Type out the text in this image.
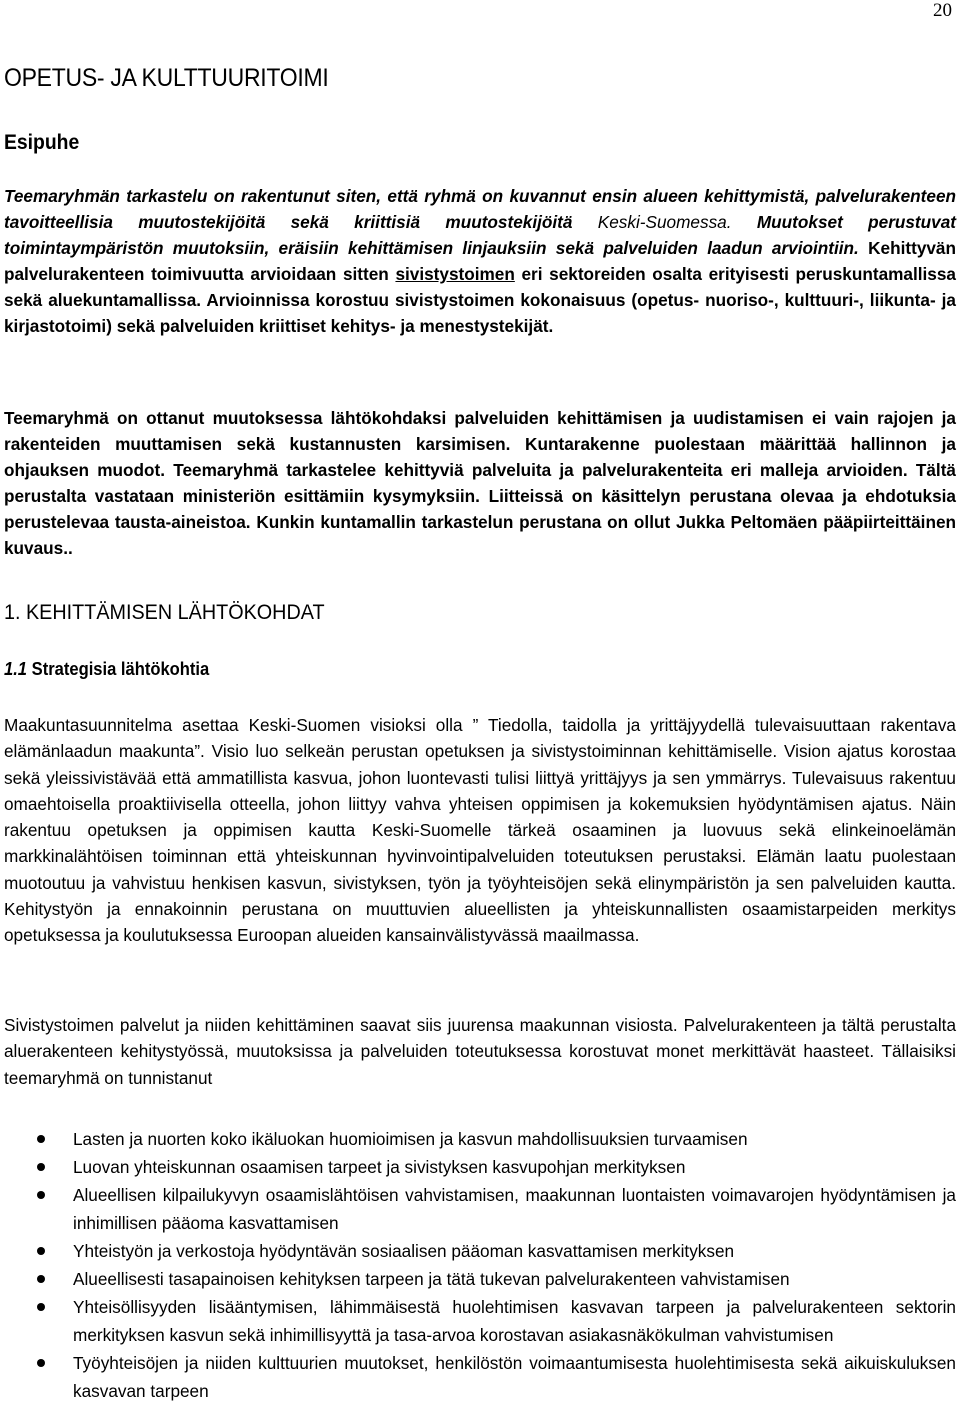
20
OPETUS- JA KULTTUURITOIMI
Esipuhe

Teemaryhmän tarkastelu on rakentunut siten, että ryhmä on kuvannut ensin alueen kehittymistä, palvelurakenteen tavoitteellisia muutostekijöitä sekä kriittisiä muutostekijöitä Keski-Suomessa. Muutokset perustuvat toimintaympäristön muutoksiin, eräisiin kehittämisen linjauksiin sekä palveluiden laadun arviointiin. Kehittyvän palvelurakenteen toimivuutta arvioidaan sitten sivistystoimen eri sektoreiden osalta erityisesti peruskuntamallissa sekä aluekuntamallissa. Arvioinnissa korostuu sivistystoimen kokonaisuus (opetus- nuoriso-, kulttuuri-, liikunta- ja kirjastotoimi) sekä palveluiden kriittiset kehitys- ja menestystekijät.

Teemaryhmä on ottanut muutoksessa lähtökohdaksi palveluiden kehittämisen ja uudistamisen ei vain rajojen ja rakenteiden muuttamisen sekä kustannusten karsimisen. Kuntarakenne puolestaan määrittää hallinnon ja ohjauksen muodot. Teemaryhmä tarkastelee kehittyviä palveluita ja palvelurakenteita eri malleja arvioiden. Tältä perustalta vastataan ministeriön esittämiin kysymyksiin. Liitteissä on käsittelyn perustana olevaa ja ehdotuksia perustelevaa tausta-aineistoa. Kunkin kuntamallin tarkastelun perustana on ollut Jukka Peltomäen pääpiirteittäinen kuvaus..

1. KEHITTÄMISEN LÄHTÖKOHDAT
1.1 Strategisia lähtökohtia

Maakuntasuunnitelma asettaa Keski-Suomen visioksi olla ” Tiedolla, taidolla ja yrittäjyydellä tulevaisuuttaan rakentava elämänlaadun maakunta”. Visio luo selkeän perustan opetuksen ja sivistystoiminnan kehittämiselle. Vision ajatus korostaa sekä yleissivistävää että ammatillista kasvua, johon luontevasti tulisi liittyä yrittäjyys ja sen ymmärrys. Tulevaisuus rakentuu omaehtoisella proaktiivisella otteella, johon liittyy vahva yhteisen oppimisen ja kokemuksien hyödyntämisen ajatus. Näin rakentuu opetuksen ja oppimisen kautta Keski-Suomelle tärkeä osaaminen ja luovuus sekä elinkeinoelämän markkinalähtöisen toiminnan että yhteiskunnan hyvinvointipalveluiden toteutuksen perustaksi. Elämän laatu puolestaan muotoutuu ja vahvistuu henkisen kasvun, sivistyksen, työn ja työyhteisöjen sekä elinympäristön ja sen palveluiden kautta. Kehitystyön ja ennakoinnin perustana on muuttuvien alueellisten ja yhteiskunnallisten osaamistarpeiden merkitys opetuksessa ja koulutuksessa Euroopan alueiden kansainvälistyvässä maailmassa.

Sivistystoimen palvelut ja niiden kehittäminen saavat siis juurensa maakunnan visiosta. Palvelurakenteen ja tältä perustalta aluerakenteen kehitystyössä, muutoksissa ja palveluiden toteutuksessa korostuvat monet merkittävät haasteet. Tällaisiksi teemaryhmä on tunnistanut

Lasten ja nuorten koko ikäluokan huomioimisen ja kasvun mahdollisuuksien turvaamisen
Luovan yhteiskunnan osaamisen tarpeet ja sivistyksen kasvupohjan merkityksen
Alueellisen kilpailukyvyn osaamislähtöisen vahvistamisen, maakunnan luontaisten voimavarojen hyödyntämisen ja inhimillisen pääoma kasvattamisen
Yhteistyön ja verkostoja hyödyntävän sosiaalisen pääoman kasvattamisen merkityksen
Alueellisesti tasapainoisen kehityksen tarpeen ja tätä tukevan palvelurakenteen vahvistamisen
Yhteisöllisyyden lisääntymisen, lähimmäisestä huolehtimisen kasvavan tarpeen ja palvelurakenteen sektorin merkityksen kasvun sekä inhimillisyyttä ja tasa-arvoa korostavan asiakasnäkökulman vahvistumisen
Työyhteisöjen ja niiden kulttuurien muutokset, henkilöstön voimaantumisesta huolehtimisesta sekä aikuiskuluksen kasvavan tarpeen
